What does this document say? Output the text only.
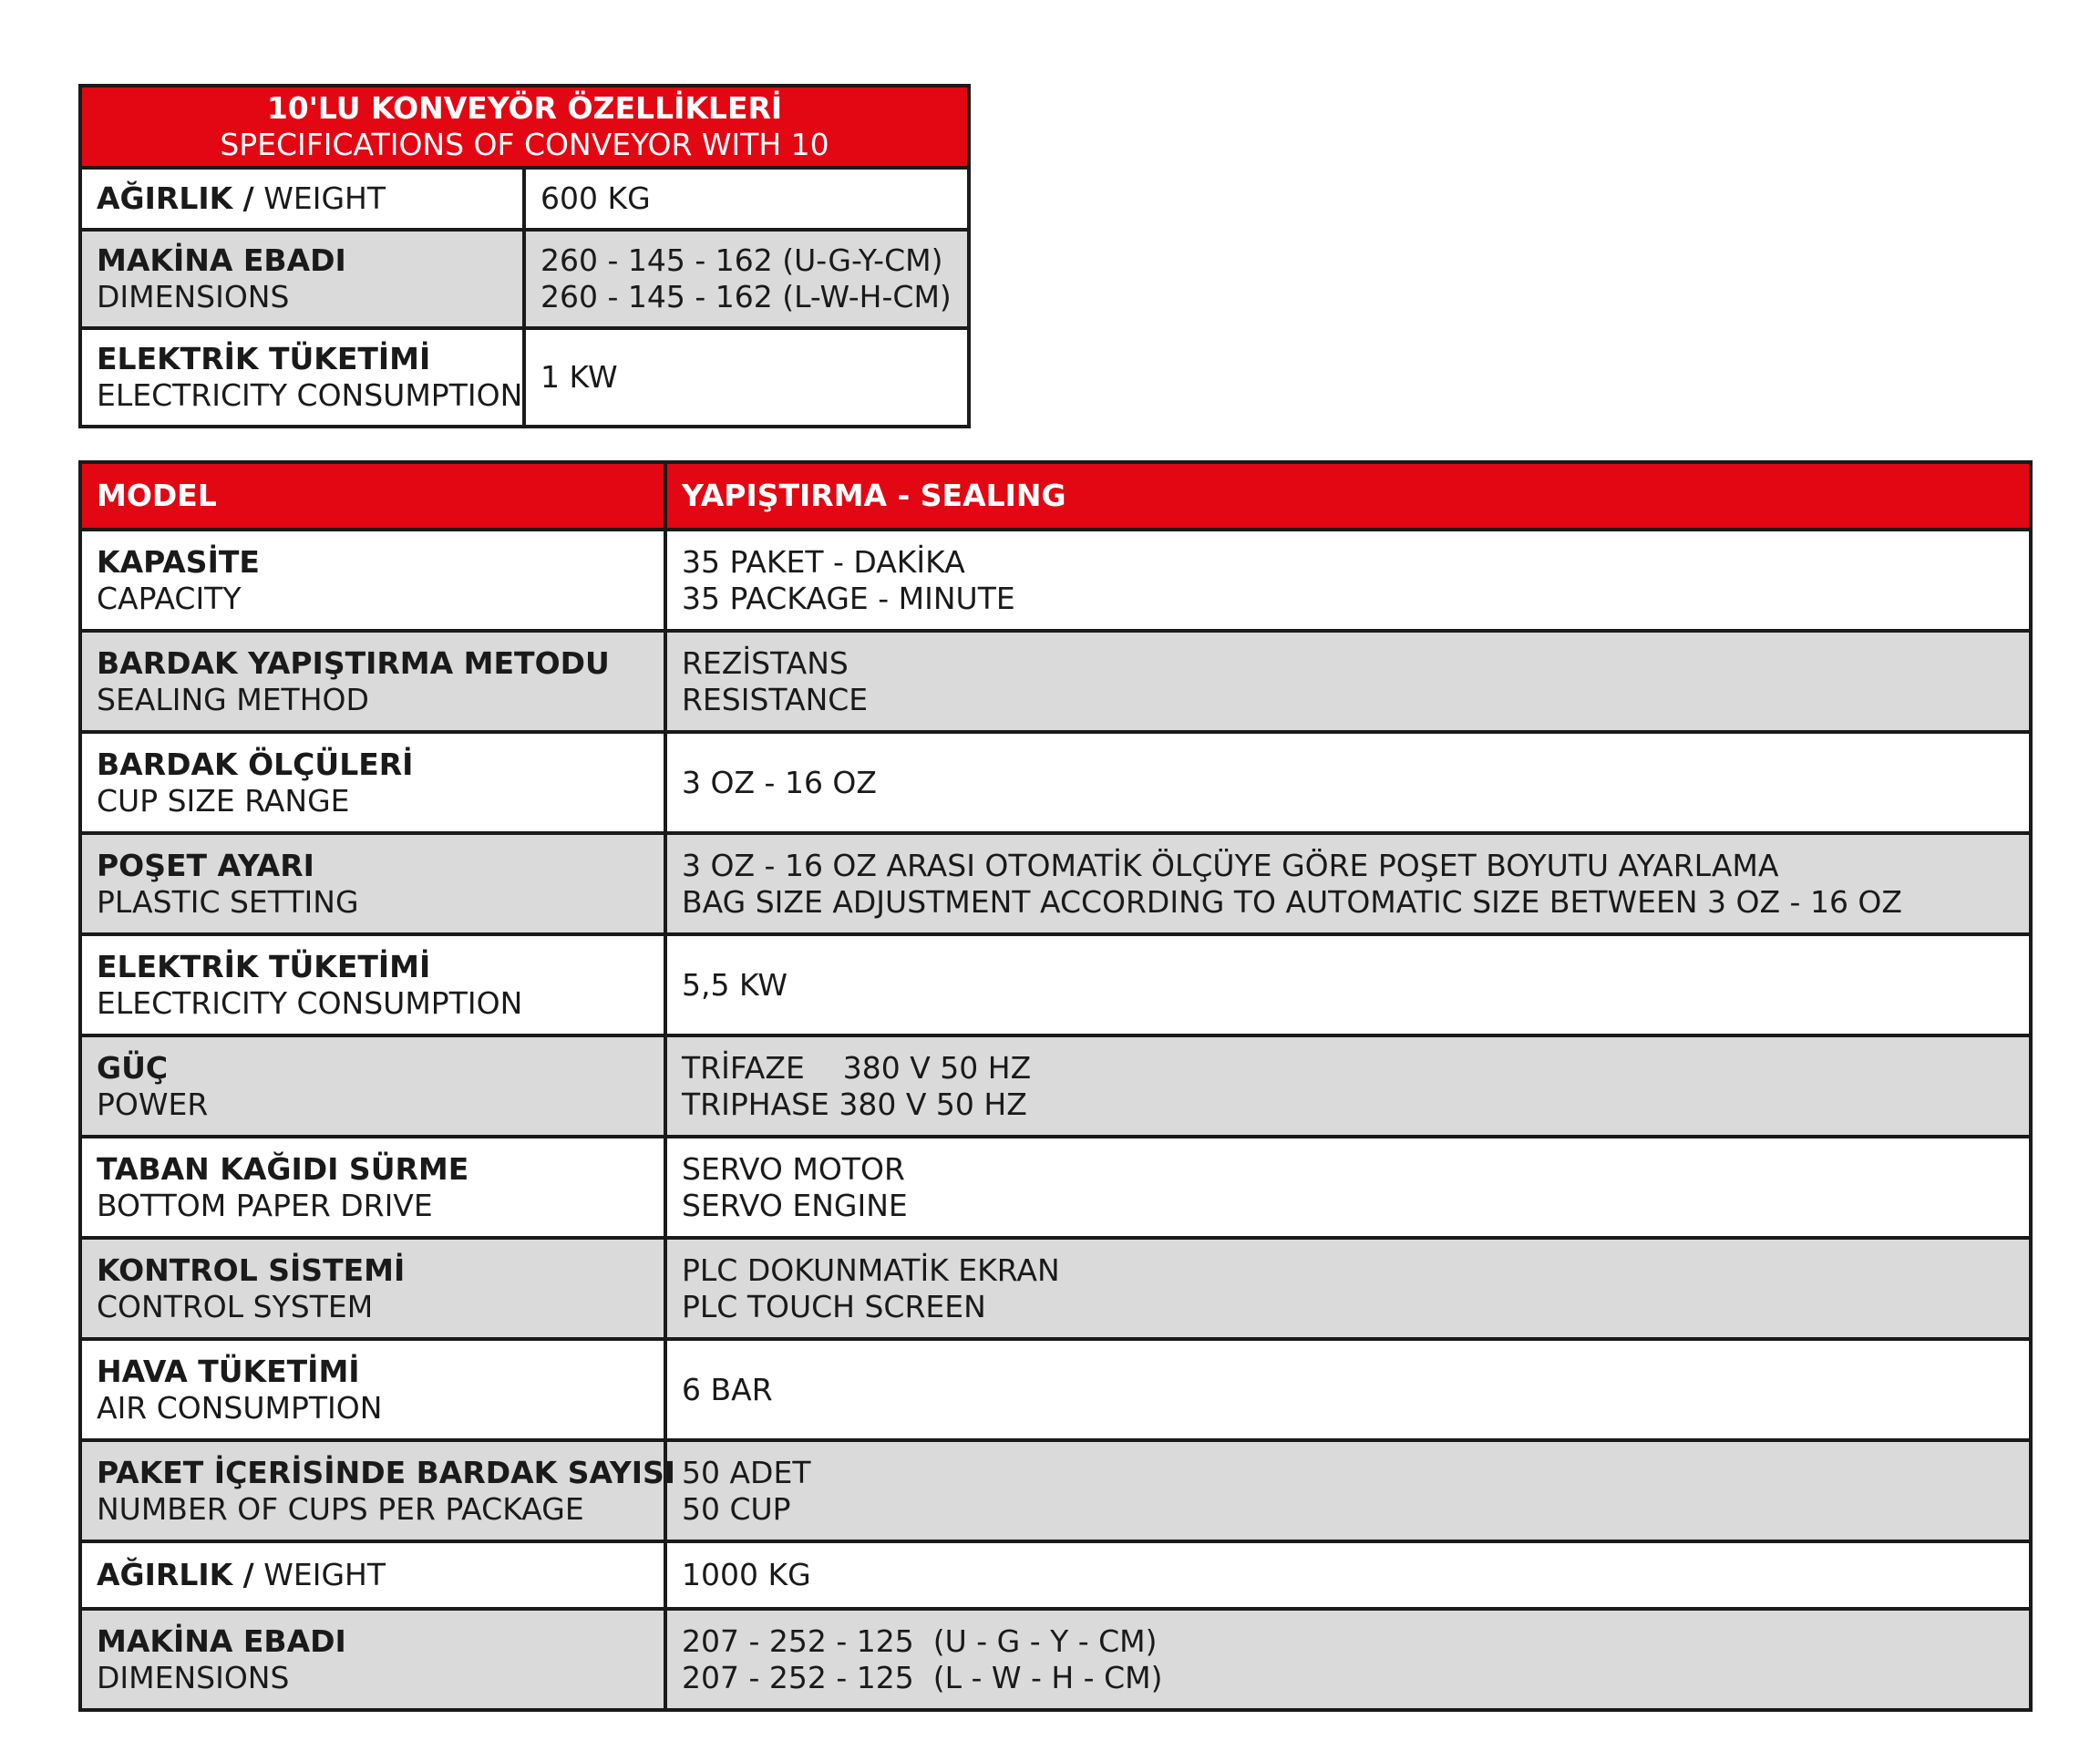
10'LU KONVEYÖR ÖZELLİKLERİ
SPECIFICATIONS OF CONVEYOR WITH 10	

AĞIRLIK / WEIGHT	600 KG

MAKİNA EBADI
DIMENSIONS	260 - 145 - 162 (U-G-Y-CM)
260 - 145 - 162 (L-W-H-CM)

ELEKTRİK TÜKETİMİ
ELECTRICITY CONSUMPTION	1 KW
MODEL	YAPIŞTIRMA - SEALING

KAPASİTE
CAPACITY	35 PAKET - DAKİKA
35 PACKAGE - MINUTE

BARDAK YAPIŞTIRMA METODU
SEALING METHOD	REZİSTANS
RESISTANCE

BARDAK ÖLÇÜLERİ
CUP SIZE RANGE	3 OZ - 16 OZ

POŞET AYARI
PLASTIC SETTING	3 OZ - 16 OZ ARASI OTOMATİK ÖLÇÜYE GÖRE POŞET BOYUTU AYARLAMA
BAG SIZE ADJUSTMENT ACCORDING TO AUTOMATIC SIZE BETWEEN 3 OZ - 16 OZ

ELEKTRİK TÜKETİMİ
ELECTRICITY CONSUMPTION	5,5 KW

GÜÇ
POWER	TRİFAZE    380 V 50 HZ
TRIPHASE 380 V 50 HZ

TABAN KAĞIDI SÜRME
BOTTOM PAPER DRIVE	SERVO MOTOR
SERVO ENGINE

KONTROL SİSTEMİ
CONTROL SYSTEM	PLC DOKUNMATİK EKRAN
PLC TOUCH SCREEN

HAVA TÜKETİMİ
AIR CONSUMPTION	6 BAR

PAKET İÇERİSİNDE BARDAK SAYISI
NUMBER OF CUPS PER PACKAGE	50 ADET
50 CUP

AĞIRLIK / WEIGHT	1000 KG

MAKİNA EBADI
DIMENSIONS	207 - 252 - 125  (U - G - Y - CM)
207 - 252 - 125  (L - W - H - CM)
